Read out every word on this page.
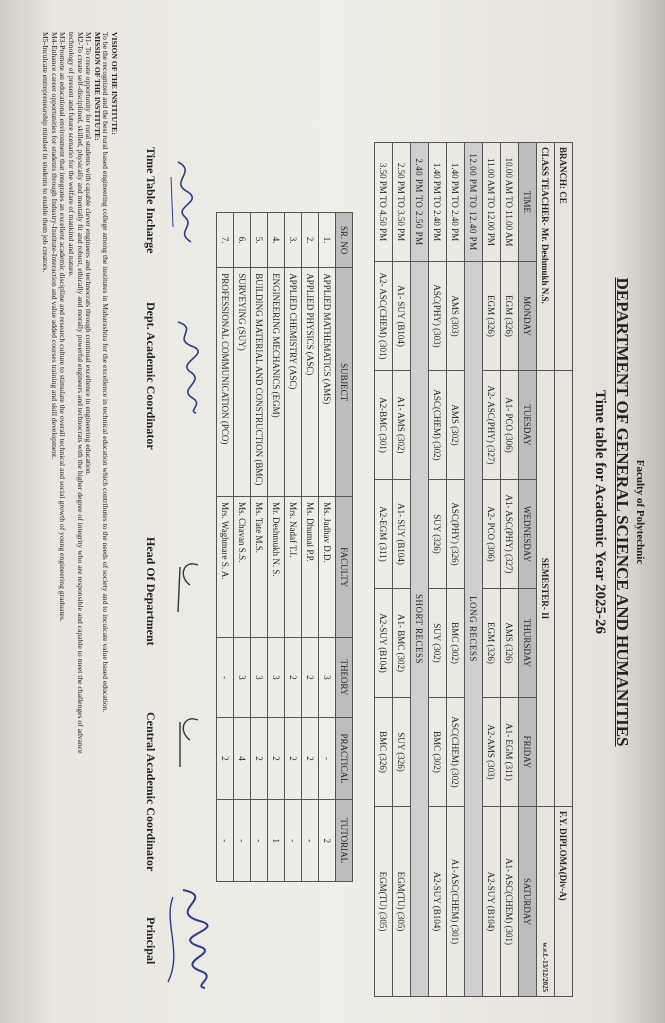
Faculty of Polytechnic
DEPARTMENT OF GENERAL SCIENCE AND HUMANITIES
Time table for Academic Year 2025-26
BRANCH: CE						F.Y. DIPLOMA(Div-A)
CLASS TEACHER- Mr. Deshmukh N.S.		SEMESTER- II				w.e.f.-13/12/2025
TIME	MONDAY	TUESDAY	WEDNESDAY	THURSDAY	FRIDAY	SATURDAY
10.00 AM TO 11.00 AM	EGM (326)	A1- PCO (306)	A1- ASC(PHY) (327)	AMS (326)	A1- EGM (311)	A1- ASC(CHEM) (301)
11.00 AM TO 12.00 PM	EGM (326)	A2- ASC(PHY) (327)	A2- PCO (306)	EGM (326)	A2-AMS (303)	A2-SUY (B104)
12.00 PM TO 12.40 PM	LONG RECESS					
1.40 PM TO 2.40 PM	AMS (303)	AMS (302)	ASC(PHY) (326)	BMC (302)	ASC(CHEM) (302)	A1-ASC(CHEM) (301)
1.40 PM TO 2.40 PM	ASC(PHY) (303)	ASC(CHEM) (302)	SUY (326)	SUY (302)	BMC (302)	A2-SUY (B104)
2.40 PM TO 2.50 PM	SHORT RECESS					
2.50 PM TO 3.50 PM	A1- SUY (B104)	A1- AMS (302)	A1- SUY (B104)	A1- BMC (302)	SUY (326)	EGM(TU) (305)
3.50 PM TO 4.50 PM	A2- ASC(CHEM) (301)	A2-BMC (301)	A2-EGM (311)	A2-SUY (B104)	BMC (326)	EGM(TU) (305)
SR. NO	SUBJECT	FACULTY	THEORY	PRACTICAL	TUTORIAL
1.	APPLIED MATHEMATICS (AMS)	Ms. Jadhav D.D.	3	-	2
2.	APPLIED PHYSICS (ASC)	Ms. Dhumal P.P.	2	2	-
3.	APPLIED CHEMISTRY (ASC)	Mrs. Nadaf T.I.	2	2	-
4.	ENGINEERING MECHANICS (EGM)	Mr. Deshmukh N. S.	3	2	1
5.	BUILDING MATERIAL AND CONSTRUCTION (BMC)	Ms. Tate M.S.	3	2	-
6.	SURVEYING (SUY)	Ms. Chavan S.S.	3	4	-
7.	PROFESSIONAL COMMUNICATION (PCO)	Mrs. Waghmare S. A.	-	2	-
Time Table Incharge
Dept. Academic Coordinator
Head Of Department
Central Academic Coordinator
Principal
VISION OF THE INSTITUTE:
To be the recognized and the best rural based engineering college among the institutes in Maharashtra for the excellence in technical education which contributes to the needs of society and to inculcate value based education.
MISSION OF THE INSTITUTE:
M1- To create opportunity for rural students with capable clever engineers and technocrats through continual excellence in engineering education.
M2-To create self-disciplined, skilled, physically and mentally fit and robust, ethically and morally powerful engineers and technocrats with the higher degree of integrity who are responsible and capable to meet the challenges of advance
technology of present and future scenario for the welfare of mankind and nature.
M3-Promote an educational environment that integrates an excellent academic discipline and research culture to stimulate the overall technical and social growth of young engineering graduates.
M4-Enhance career opportunities for students through Industry-Institute-Interaction and value added courses training and skill development.
M5-Inculcate entrepreneurship mindset in students to enable them job creators.
